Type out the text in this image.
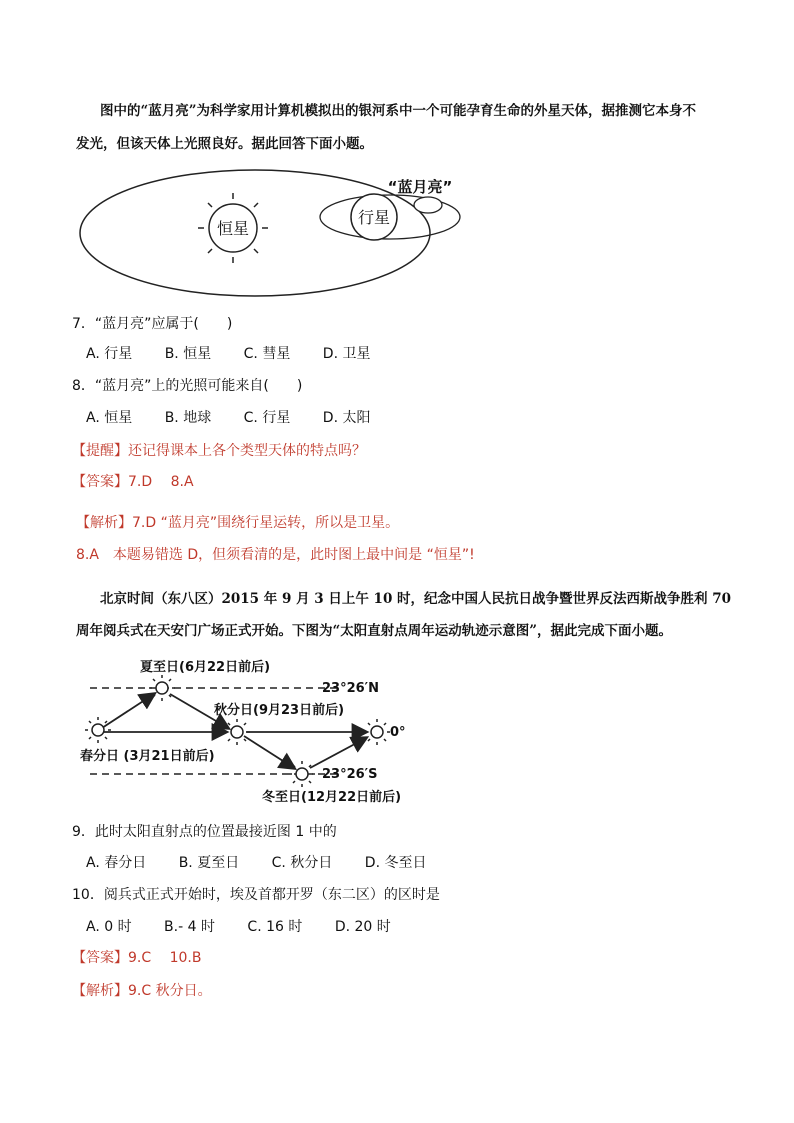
图中的“蓝月亮”为科学家用计算机模拟出的银河系中一个可能孕育生命的外星天体，据推测它本身不
发光，但该天体上光照良好。据此回答下面小题。
恒星
行星
“蓝月亮”
7．“蓝月亮”应属于(　　)
A. 行星 B. 恒星 C. 彗星 D. 卫星
8．“蓝月亮”上的光照可能来自(　　)
A. 恒星 B. 地球 C. 行星 D. 太阳
【提醒】还记得课本上各个类型天体的特点吗？
【答案】7.D　 8.A
【解析】7.D “蓝月亮”围绕行星运转，所以是卫星。
8.A　本题易错选 D，但须看清的是，此时图上最中间是 “恒星”!
北京时间（东八区）2015 年 9 月 3 日上午 10 时，纪念中国人民抗日战争暨世界反法西斯战争胜利 70
周年阅兵式在天安门广场正式开始。下图为“太阳直射点周年运动轨迹示意图”，据此完成下面小题。
夏至日(6月22日前后)
秋分日(9月23日前后)
春分日 (3月21日前后)
冬至日(12月22日前后)
23°26′N
0°
23°26′S
9．此时太阳直射点的位置最接近图 1 中的
A. 春分日 B. 夏至日 C. 秋分日 D. 冬至日
10．阅兵式正式开始时，埃及首都开罗（东二区）的区时是
A. 0 时 B.- 4 时 C. 16 时 D. 20 时
【答案】9.C　 10.B
【解析】9.C 秋分日。
